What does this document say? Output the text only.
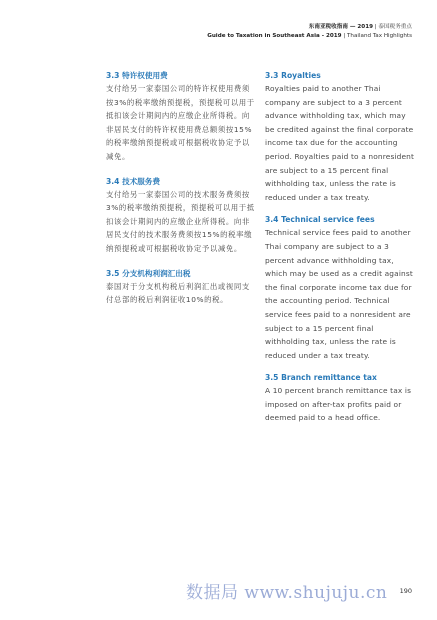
东南亚税收指南 — 2019 | 泰国税务重点
Guide to Taxation in Southeast Asia - 2019 | Thailand Tax Highlights

3.3 特许权使用费

支付给另一家泰国公司的特许权使用费须按3%的税率缴纳预提税，预提税可以用于抵扣该会计期间内的应缴企业所得税。向非居民支付的特许权使用费总额须按15%的税率缴纳预提税或可根据税收协定予以减免。

3.4 技术服务费

支付给另一家泰国公司的技术服务费须按3%的税率缴纳预提税，预提税可以用于抵扣该会计期间内的应缴企业所得税。向非居民支付的技术服务费须按15%的税率缴纳预提税或可根据税收协定予以减免。

3.5 分支机构利润汇出税

泰国对于分支机构税后利润汇出或视同支付总部的税后利润征收10%的税。

3.3 Royalties

Royalties paid to another Thai company are subject to a 3 percent advance withholding tax, which may be credited against the final corporate income tax due for the accounting period. Royalties paid to a nonresident are subject to a 15 percent final withholding tax, unless the rate is reduced under a tax treaty.

3.4 Technical service fees

Technical service fees paid to another Thai company are subject to a 3 percent advance withholding tax, which may be used as a credit against the final corporate income tax due for the accounting period. Technical service fees paid to a nonresident are subject to a 15 percent final withholding tax, unless the rate is reduced under a tax treaty.

3.5 Branch remittance tax

A 10 percent branch remittance tax is imposed on after-tax profits paid or deemed paid to a head office.

数据局 www.shujuju.cn 190
